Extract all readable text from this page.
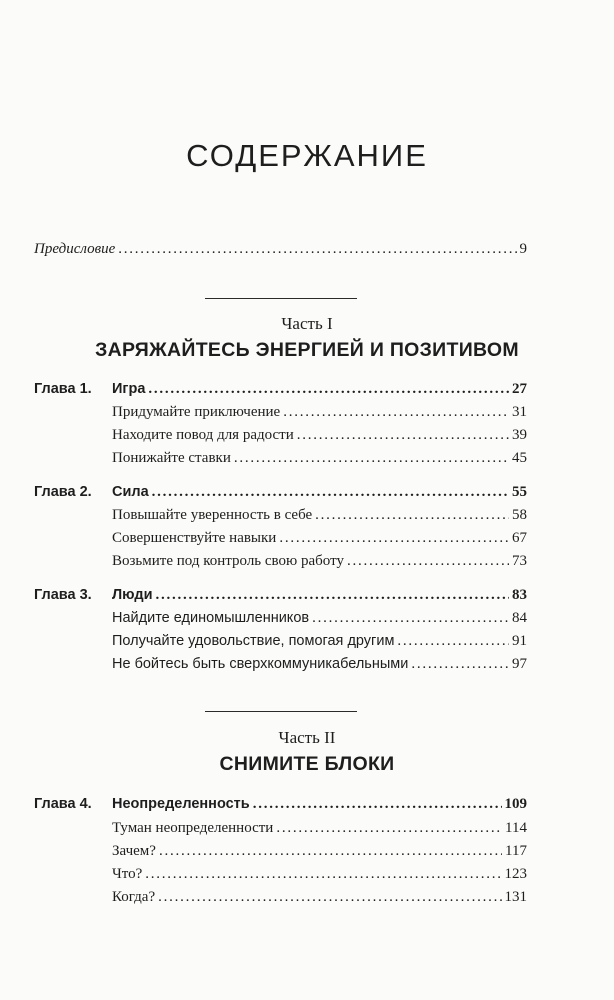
СОДЕРЖАНИЕ
Предисловие . . .	9
Часть I
ЗАРЯЖАЙТЕСЬ ЭНЕРГИЕЙ И ПОЗИТИВОМ
Глава 1.	Игра . . .	27
Придумайте приключение . . .	31
Находите повод для радости . . .	39
Понижайте ставки . . .	45
Глава 2.	Сила . . .	55
Повышайте уверенность в себе . . .	58
Совершенствуйте навыки . . .	67
Возьмите под контроль свою работу . . .	73
Глава 3.	Люди . . .	83
Найдите единомышленников . . .	84
Получайте удовольствие, помогая другим . . .	91
Не бойтесь быть сверхкоммуникабельными . . .	97
Часть II
СНИМИТЕ БЛОКИ
Глава 4.	Неопределенность . . .	109
Туман неопределенности . . .	114
Зачем? . . .	117
Что? . . .	123
Когда? . . .	131
